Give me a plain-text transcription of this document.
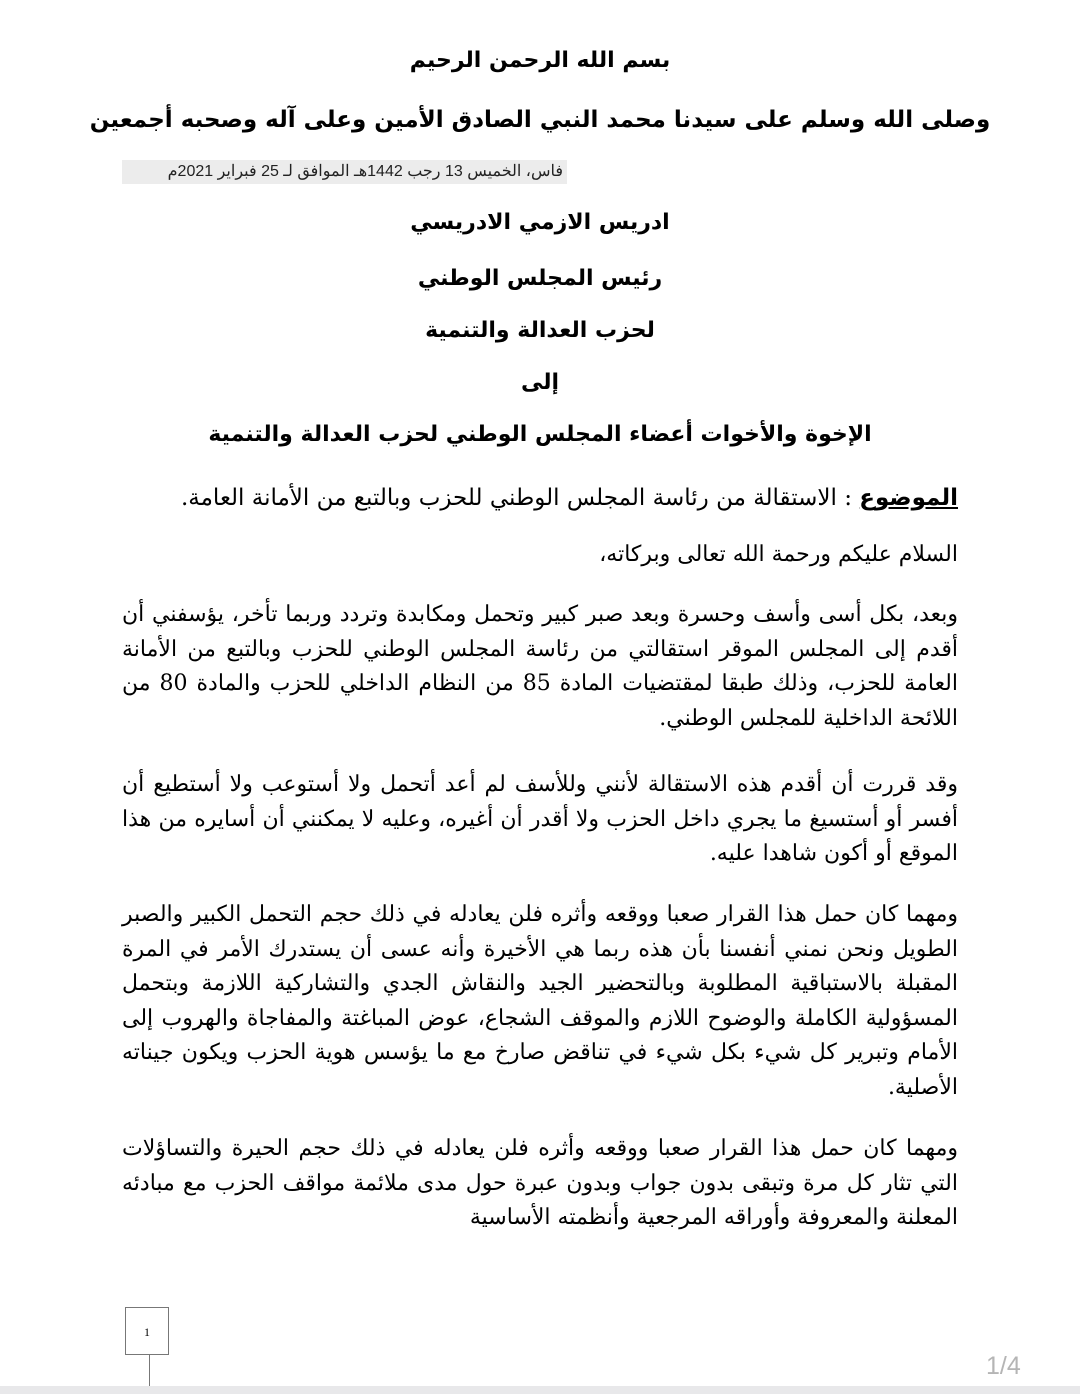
بسم الله الرحمن الرحيم
وصلى الله وسلم على سيدنا محمد النبي الصادق الأمين وعلى آله وصحبه أجمعين
فاس، الخميس 13 رجب 1442هـ الموافق لـ 25 فبراير 2021م
ادريس الازمي الادريسي
رئيس المجلس الوطني
لحزب العدالة والتنمية
إلى
الإخوة والأخوات أعضاء المجلس الوطني لحزب العدالة والتنمية
الموضوع : الاستقالة من رئاسة المجلس الوطني للحزب وبالتبع من الأمانة العامة.
السلام عليكم ورحمة الله تعالى وبركاته،
وبعد، بكل أسى وأسف وحسرة وبعد صبر كبير وتحمل ومكابدة وتردد وربما تأخر، يؤسفني أن أقدم إلى المجلس الموقر استقالتي من رئاسة المجلس الوطني للحزب وبالتبع من الأمانة العامة للحزب، وذلك طبقا لمقتضيات المادة 85 من النظام الداخلي للحزب والمادة 80 من اللائحة الداخلية للمجلس الوطني.
وقد قررت أن أقدم هذه الاستقالة لأنني وللأسف لم أعد أتحمل ولا أستوعب ولا أستطيع أن أفسر أو أستسيغ ما يجري داخل الحزب ولا أقدر أن أغيره، وعليه لا يمكنني أن أسايره من هذا الموقع أو أكون شاهدا عليه.
ومهما كان حمل هذا القرار صعبا ووقعه وأثره فلن يعادله في ذلك حجم التحمل الكبير والصبر الطويل ونحن نمني أنفسنا بأن هذه ربما هي الأخيرة وأنه عسى أن يستدرك الأمر في المرة المقبلة بالاستباقية المطلوبة وبالتحضير الجيد والنقاش الجدي والتشاركية اللازمة وبتحمل المسؤولية الكاملة والوضوح اللازم والموقف الشجاع، عوض المباغتة والمفاجاة والهروب إلى الأمام وتبرير كل شيء بكل شيء في تناقض صارخ مع ما يؤسس هوية الحزب ويكون جيناته الأصلية.
ومهما كان حمل هذا القرار صعبا ووقعه وأثره فلن يعادله في ذلك حجم الحيرة والتساؤلات التي تثار كل مرة وتبقى بدون جواب وبدون عبرة حول مدى ملائمة مواقف الحزب مع مبادئه المعلنة والمعروفة وأوراقه المرجعية وأنظمته الأساسية
1
1/4
